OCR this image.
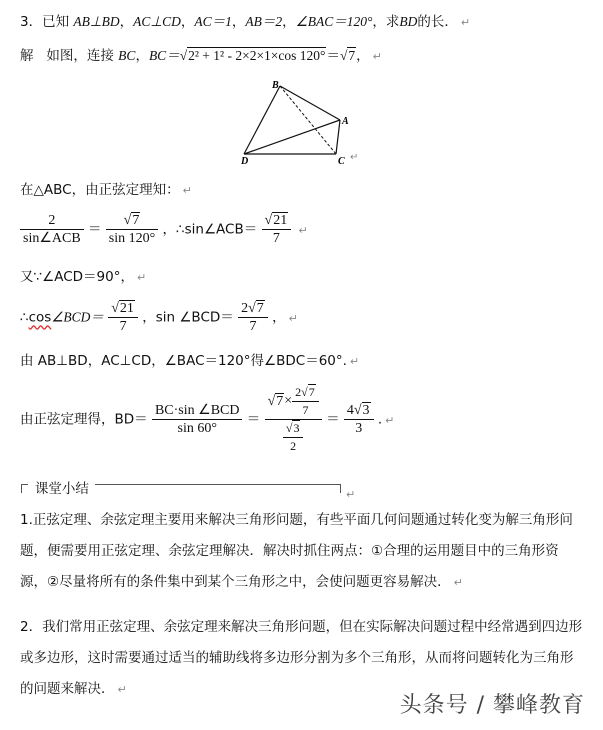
3．已知 AB⊥BD，AC⊥CD，AC＝1，AB＝2，∠BAC＝120°，求BD的长． ↵
解 如图，连接 BC，BC＝√2² + 1² - 2×2×1×cos 120°＝√7， ↵
B
A
D	C ↵
在△ABC，由正弦定理知： ↵
$\frac{2}{\text{sin∠ACB}} = \frac{√7}{\sin 120^\circ}$ ，∴sin∠ACB＝ $\frac{√21}{7}$ ↵
又∵∠ACD＝90°， ↵
∴cos∠BCD＝ $\frac{√21}{7}$ ，sin ∠BCD＝ $\frac{2√7}{7}$ ， ↵
由 AB⊥BD，AC⊥CD，∠BAC＝120°得∠BDC＝60°. ↵
由正弦定理得，$BD= \frac{\text{BC·sin ∠BCD}}{\sin 60^\circ} = \frac{√7\times \frac{2√7}{7}}{\frac{√3}{2}} = \frac{4√3}{3}$ . ↵
课堂小结	↵
1.正弦定理、余弦定理主要用来解决三角形问题，有些平面几何问题通过转化变为解三角形问题，便需要用正弦定理、余弦定理解决．解决时抓住两点：①合理的运用题目中的三角形资源，②尽量将所有的条件集中到某个三角形之中，会使问题更容易解决． ↵
2．我们常用正弦定理、余弦定理来解决三角形问题，但在实际解决问题过程中经常遇到四边形或多边形，这时需要通过适当的辅助线将多边形分割为多个三角形，从而将问题转化为三角形的问题来解决． ↵
头条号 / 攀峰教育
